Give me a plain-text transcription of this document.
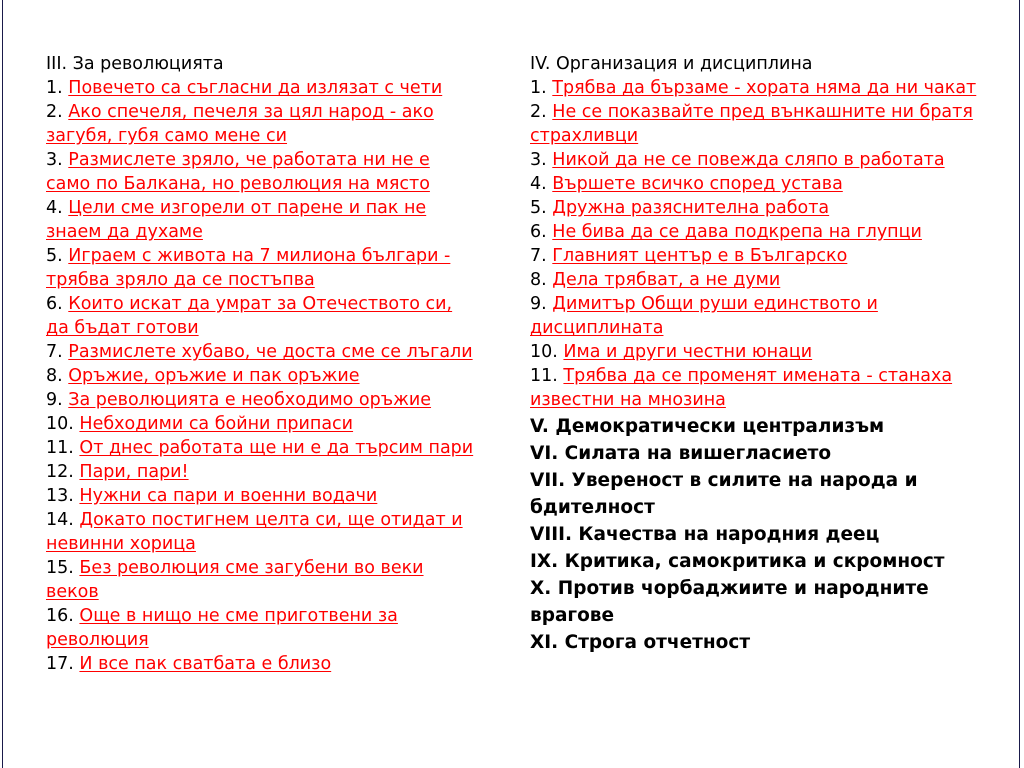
III. За революцията

1. Повечето са съгласни да излязат с чети

2. Ако спечеля, печеля за цял народ - ако загубя, губя само мене си

3. Размислете зряло, че работата ни не е само по Балкана, но революция на място

4. Цели сме изгорели от парене и пак не знаем да духаме

5. Играем с живота на 7 милиона българи - трябва зряло да се постъпва

6. Които искат да умрат за Отечеството си, да бъдат готови

7. Размислете хубаво, че доста сме се лъгали

8. Оръжие, оръжие и пак оръжие

9. За революцията е необходимо оръжие

10. Небходими са бойни припаси

11. От днес работата ще ни е да търсим пари

12. Пари, пари!

13. Нужни са пари и военни водачи

14. Докато постигнем целта си, ще отидат и невинни хорица

15. Без революция сме загубени во веки веков

16. Още в нищо не сме приготвени за революция

17. И все пак сватбата е близо

IV. Организация и дисциплина

1. Трябва да бързаме - хората няма да ни чакат

2. Не се показвайте пред вънкашните ни братя страхливци

3. Никой да не се повежда сляпо в работата

4. Вършете всичко според устава

5. Дружна разяснителна работа

6. Не бива да се дава подкрепа на глупци

7. Главният център е в Българско

8. Дела трябват, а не думи

9. Димитър Общи руши единството и дисциплината

10. Има и други честни юнаци

11. Трябва да се променят имената - станаха известни на мнозина

V. Демократически централизъм

VI. Силата на вишегласието

VII. Увереност в силите на народа и бдителност

VIII. Качества на народния деец

IX. Критика, самокритика и скромност

X. Против чорбаджиите и народните врагове

XI. Строга отчетност
